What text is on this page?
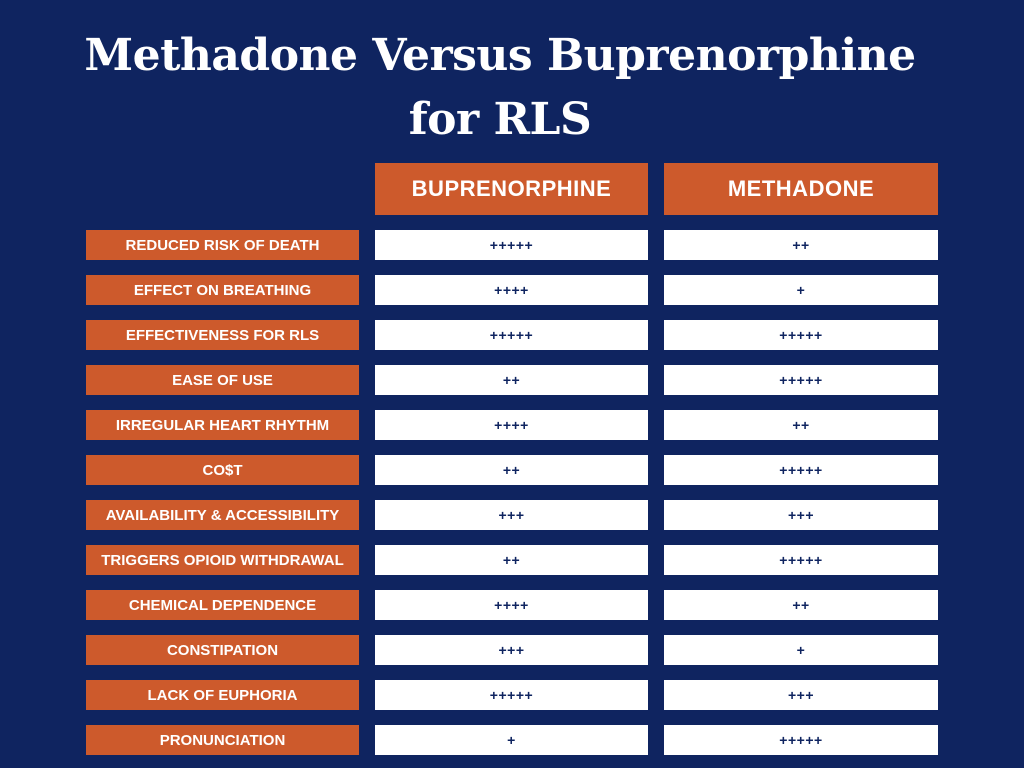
Methadone Versus Buprenorphine
for RLS
BUPRENORPHINE	METHADONE
REDUCED RISK OF DEATH	+++++	++
EFFECT ON BREATHING	++++	+
EFFECTIVENESS FOR RLS	+++++	+++++
EASE OF USE	++	+++++
IRREGULAR HEART RHYTHM	++++	++
CO$T	++	+++++
AVAILABILITY & ACCESSIBILITY	+++	+++
TRIGGERS OPIOID WITHDRAWAL	++	+++++
CHEMICAL DEPENDENCE	++++	++
CONSTIPATION	+++	+
LACK OF EUPHORIA	+++++	+++
PRONUNCIATION	+	+++++
